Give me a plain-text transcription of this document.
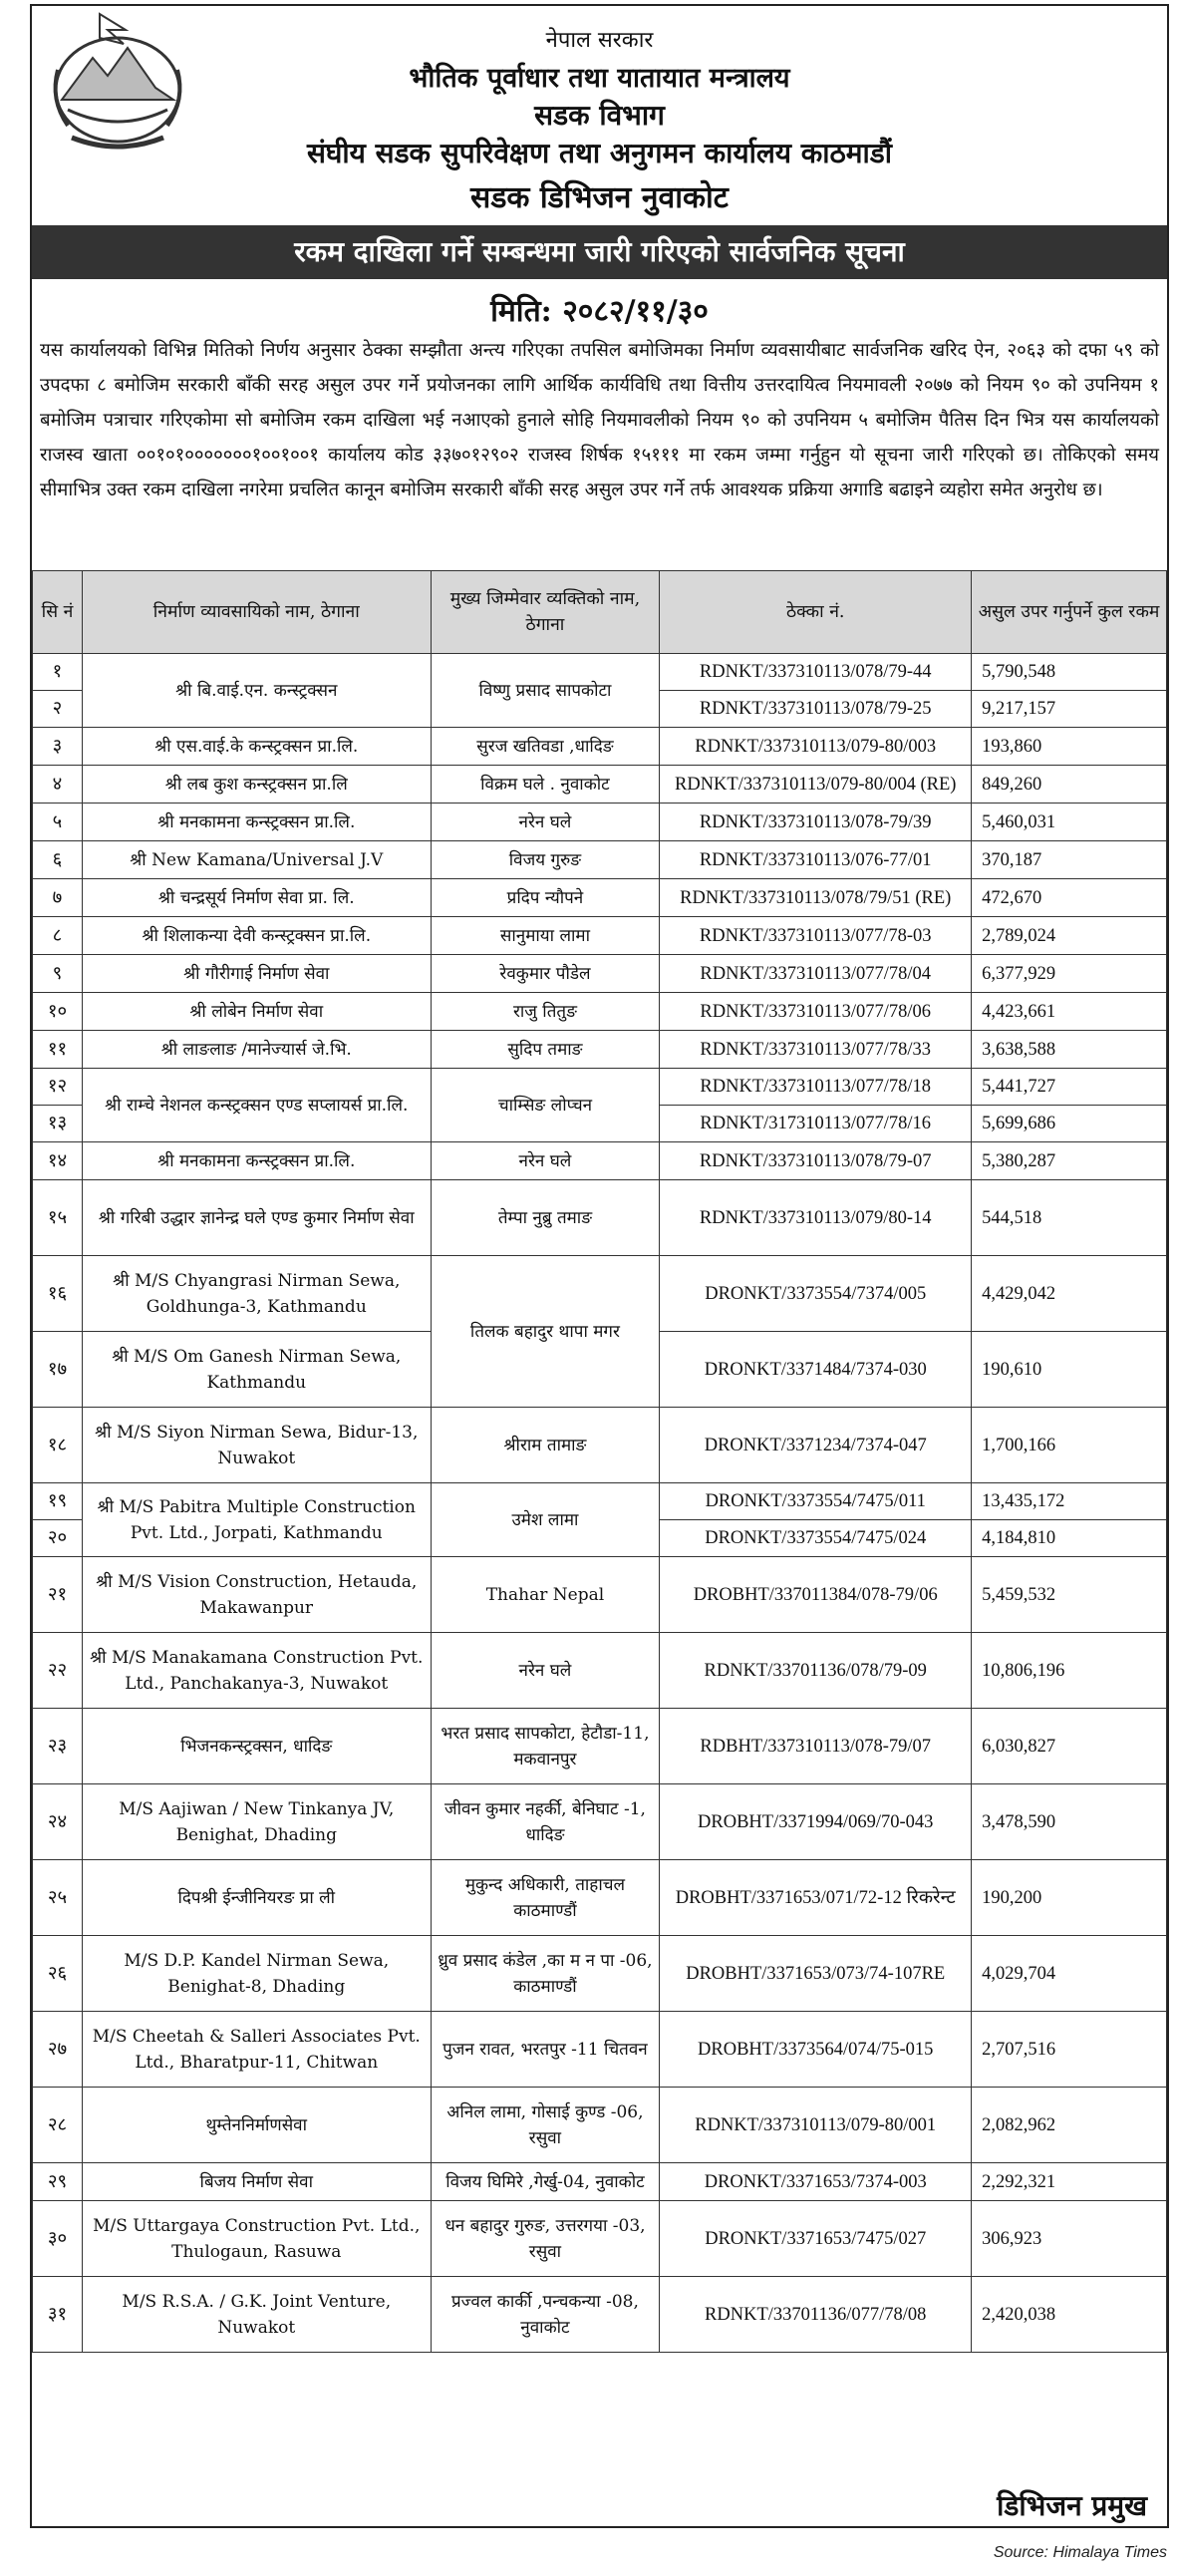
नेपाल सरकार
भौतिक पूर्वाधार तथा यातायात मन्त्रालय
सडक विभाग
संघीय सडक सुपरिवेक्षण तथा अनुगमन कार्यालय काठमाडौं
सडक डिभिजन नुवाकोट
रकम दाखिला गर्ने सम्बन्धमा जारी गरिएको सार्वजनिक सूचना
मिति: २०८२/११/३०
यस कार्यालयको विभिन्न मितिको निर्णय अनुसार ठेक्का सम्झौता अन्त्य गरिएका तपसिल बमोजिमका निर्माण व्यवसायीबाट सार्वजनिक खरिद ऐन, २०६३ को दफा ५९ को उपदफा ८ बमोजिम सरकारी बाँकी सरह असुल उपर गर्ने प्रयोजनका लागि आर्थिक कार्यविधि तथा वित्तीय उत्तरदायित्व नियमावली २०७७ को नियम ९० को उपनियम १ बमोजिम पत्राचार गरिएकोमा सो बमोजिम रकम दाखिला भई नआएको हुनाले सोहि नियमावलीको नियम ९० को उपनियम ५ बमोजिम पैतिस दिन भित्र यस कार्यालयको राजस्व खाता ००१०१०००००००१००१००१ कार्यालय कोड ३३७०१२९०२ राजस्व शिर्षक १५१११ मा रकम जम्मा गर्नुहुन यो सूचना जारी गरिएको छ। तोकिएको समय सीमाभित्र उक्त रकम दाखिला नगरेमा प्रचलित कानून बमोजिम सरकारी बाँकी सरह असुल उपर गर्ने तर्फ आवश्यक प्रक्रिया अगाडि बढाइने व्यहोरा समेत अनुरोध छ।
सि नं	निर्माण व्यावसायिको नाम, ठेगाना	मुख्य जिम्मेवार व्यक्तिको नाम, ठेगाना	ठेक्का नं.	असुल उपर गर्नुपर्ने कुल रकम
१	श्री बि.वाई.एन. कन्स्ट्रक्सन	विष्णु प्रसाद सापकोटा	RDNKT/337310113/078/79-44	5,790,548
२			RDNKT/337310113/078/79-25	9,217,157
३	श्री एस.वाई.के कन्स्ट्रक्सन प्रा.लि.	सुरज खतिवडा ,धादिङ	RDNKT/337310113/079-80/003	193,860
४	श्री लब कुश कन्स्ट्रक्सन प्रा.लि	विक्रम घले . नुवाकोट	RDNKT/337310113/079-80/004 (RE)	849,260
५	श्री मनकामना कन्स्ट्रक्सन प्रा.लि.	नरेन घले	RDNKT/337310113/078-79/39	5,460,031
६	श्री New Kamana/Universal J.V	विजय गुरुङ	RDNKT/337310113/076-77/01	370,187
७	श्री चन्द्रसूर्य निर्माण सेवा प्रा. लि.	प्रदिप न्यौपने	RDNKT/337310113/078/79/51 (RE)	472,670
८	श्री शिलाकन्या देवी कन्स्ट्रक्सन प्रा.लि.	सानुमाया लामा	RDNKT/337310113/077/78-03	2,789,024
९	श्री गौरीगाई निर्माण सेवा	रेवकुमार पौडेल	RDNKT/337310113/077/78/04	6,377,929
१०	श्री लोबेन निर्माण सेवा	राजु तितुङ	RDNKT/337310113/077/78/06	4,423,661
११	श्री लाङलाङ /मानेज्यार्स जे.भि.	सुदिप तमाङ	RDNKT/337310113/077/78/33	3,638,588
१२	श्री राम्चे नेशनल कन्स्ट्रक्सन एण्ड सप्लायर्स प्रा.लि.	चाम्सिङ लोप्चन	RDNKT/337310113/077/78/18	5,441,727
१३			RDNKT/317310113/077/78/16	5,699,686
१४	श्री मनकामना कन्स्ट्रक्सन प्रा.लि.	नरेन घले	RDNKT/337310113/078/79-07	5,380,287
१५	श्री गरिबी उद्धार ज्ञानेन्द्र घले एण्ड कुमार निर्माण सेवा	तेम्पा नुब्रु तमाङ	RDNKT/337310113/079/80-14	544,518
१६	श्री M/S Chyangrasi Nirman Sewa, Goldhunga-3, Kathmandu	तिलक बहादुर थापा मगर	DRONKT/3373554/7374/005	4,429,042
१७	श्री M/S Om Ganesh Nirman Sewa, Kathmandu		DRONKT/3371484/7374-030	190,610
१८	श्री M/S Siyon Nirman Sewa, Bidur-13, Nuwakot	श्रीराम तामाङ	DRONKT/3371234/7374-047	1,700,166
१९	श्री M/S Pabitra Multiple Construction Pvt. Ltd., Jorpati, Kathmandu	उमेश लामा	DRONKT/3373554/7475/011	13,435,172
२०			DRONKT/3373554/7475/024	4,184,810
२१	श्री M/S Vision Construction, Hetauda, Makawanpur	Thahar Nepal	DROBHT/337011384/078-79/06	5,459,532
२२	श्री M/S Manakamana Construction Pvt. Ltd., Panchakanya-3, Nuwakot	नरेन घले	RDNKT/33701136/078/79-09	10,806,196
२३	भिजनकन्स्ट्रक्सन, धादिङ	भरत प्रसाद सापकोटा, हेटौडा-11, मकवानपुर	RDBHT/337310113/078-79/07	6,030,827
२४	M/S Aajiwan / New Tinkanya JV, Benighat, Dhading	जीवन कुमार नहर्की, बेनिघाट -1, धादिङ	DROBHT/3371994/069/70-043	3,478,590
२५	दिपश्री ईन्जीनियरङ प्रा ली	मुकुन्द अधिकारी, ताहाचल काठमाण्डौं	DROBHT/3371653/071/72-12 रिकरेन्ट	190,200
२६	M/S D.P. Kandel Nirman Sewa, Benighat-8, Dhading	ध्रुव प्रसाद कंडेल ,का म न पा -06, काठमाण्डौं	DROBHT/3371653/073/74-107RE	4,029,704
२७	M/S Cheetah & Salleri Associates Pvt. Ltd., Bharatpur-11, Chitwan	पुजन रावत, भरतपुर -11 चितवन	DROBHT/3373564/074/75-015	2,707,516
२८	थुम्तेननिर्माणसेवा	अनिल लामा, गोसाई कुण्ड -06, रसुवा	RDNKT/337310113/079-80/001	2,082,962
२९	बिजय निर्माण सेवा	विजय घिमिरे ,गेर्खु-04, नुवाकोट	DRONKT/3371653/7374-003	2,292,321
३०	M/S Uttargaya Construction Pvt. Ltd., Thulogaun, Rasuwa	धन बहादुर गुरुङ, उत्तरगया -03, रसुवा	DRONKT/3371653/7475/027	306,923
३१	M/S R.S.A. / G.K. Joint Venture, Nuwakot	प्रज्वल कार्की ,पन्चकन्या -08, नुवाकोट	RDNKT/33701136/077/78/08	2,420,038
डिभिजन प्रमुख
Source: Himalaya Times
